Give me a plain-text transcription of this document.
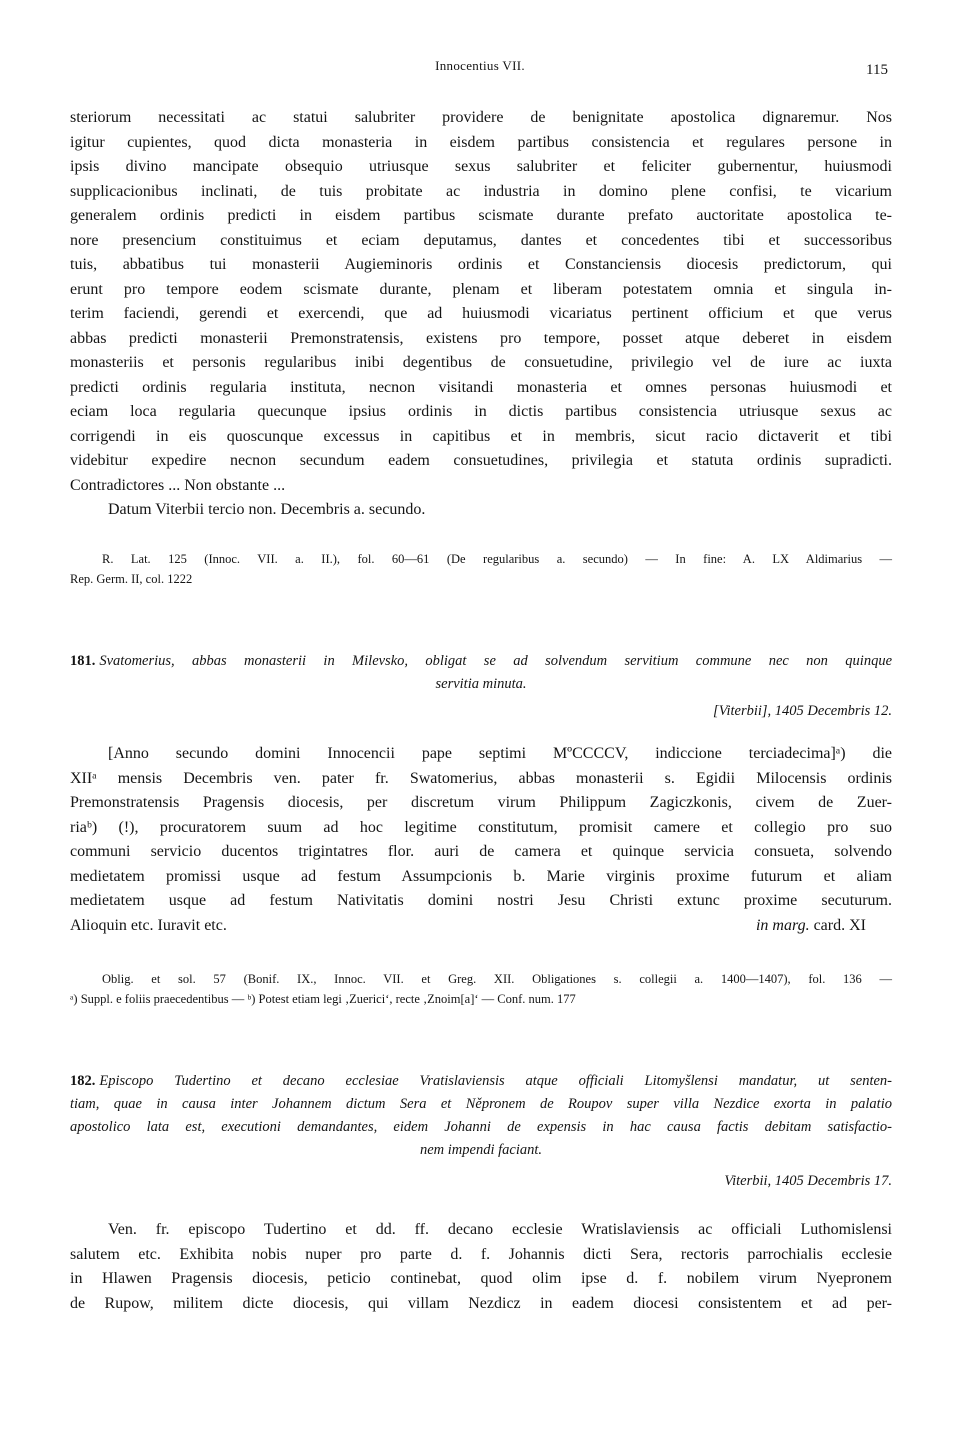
Innocentius VII.	115
steriorum necessitati ac statui salubriter providere de benignitate apostolica dignaremur. Nos
igitur cupientes, quod dicta monasteria in eisdem partibus consistencia et regulares persone in
ipsis divino mancipate obsequio utriusque sexus salubriter et feliciter gubernentur, huiusmodi
supplicacionibus inclinati, de tuis probitate ac industria in domino plene confisi, te vicarium
generalem ordinis predicti in eisdem partibus scismate durante prefato auctoritate apostolica te-
nore presencium constituimus et eciam deputamus, dantes et concedentes tibi et successoribus
tuis, abbatibus tui monasterii Augieminoris ordinis et Constanciensis diocesis predictorum, qui
erunt pro tempore eodem scismate durante, plenam et liberam potestatem omnia et singula in-
terim faciendi, gerendi et exercendi, que ad huiusmodi vicariatus pertinent officium et que verus
abbas predicti monasterii Premonstratensis, existens pro tempore, posset atque deberet in eisdem
monasteriis et personis regularibus inibi degentibus de consuetudine, privilegio vel de iure ac iuxta
predicti ordinis regularia instituta, necnon visitandi monasteria et omnes personas huiusmodi et
eciam loca regularia quecunque ipsius ordinis in dictis partibus consistencia utriusque sexus ac
corrigendi in eis quoscunque excessus in capitibus et in membris, sicut racio dictaverit et tibi
videbitur expedire necnon secundum eadem consuetudines, privilegia et statuta ordinis supradicti.
Contradictores ... Non obstante ...
Datum Viterbii tercio non. Decembris a. secundo.
R. Lat. 125 (Innoc. VII. a. II.), fol. 60—61 (De regularibus a. secundo) — In fine: A. LX Aldimarius —
Rep. Germ. II, col. 1222
181. Svatomerius, abbas monasterii in Milevsko, obligat se ad solvendum servitium commune nec non quinque
servitia minuta.
[Viterbii], 1405 Decembris 12.
[Anno secundo domini Innocencii pape septimi MºCCCCV, indiccione terciadecima]ᵃ) die
XIIᵃ mensis Decembris ven. pater fr. Swatomerius, abbas monasterii s. Egidii Milocensis ordinis
Premonstratensis Pragensis diocesis, per discretum virum Philippum Zagiczkonis, civem de Zuer-
riaᵇ) (!), procuratorem suum ad hoc legitime constitutum, promisit camere et collegio pro suo
communi servicio ducentos trigintatres flor. auri de camera et quinque servicia consueta, solvendo
medietatem promissi usque ad festum Assumpcionis b. Marie virginis proxime futurum et aliam
medietatem usque ad festum Nativitatis domini nostri Jesu Christi extunc proxime secuturum.
Alioquin etc. Iuravit etc.	in marg. card. XI
Oblig. et sol. 57 (Bonif. IX., Innoc. VII. et Greg. XII. Obligationes s. collegii a. 1400—1407), fol. 136 —
ᵃ) Suppl. e foliis praecedentibus — ᵇ) Potest etiam legi ‚Zuerici‘, recte ‚Znoim[a]‘ — Conf. num. 177
182. Episcopo Tudertino et decano ecclesiae Vratislaviensis atque officiali Litomyšlensi mandatur, ut senten-
tiam, quae in causa inter Johannem dictum Sera et Něpronem de Roupov super villa Nezdice exorta in palatio
apostolico lata est, executioni demandantes, eidem Johanni de expensis in hac causa factis debitam satisfactio-
nem impendi faciant.
Viterbii, 1405 Decembris 17.
Ven. fr. episcopo Tudertino et dd. ff. decano ecclesie Wratislaviensis ac officiali Luthomislensi
salutem etc. Exhibita nobis nuper pro parte d. f. Johannis dicti Sera, rectoris parrochialis ecclesie
in Hlawen Pragensis diocesis, peticio continebat, quod olim ipse d. f. nobilem virum Nyepronem
de Rupow, militem dicte diocesis, qui villam Nezdicz in eadem diocesi consistentem et ad per-
